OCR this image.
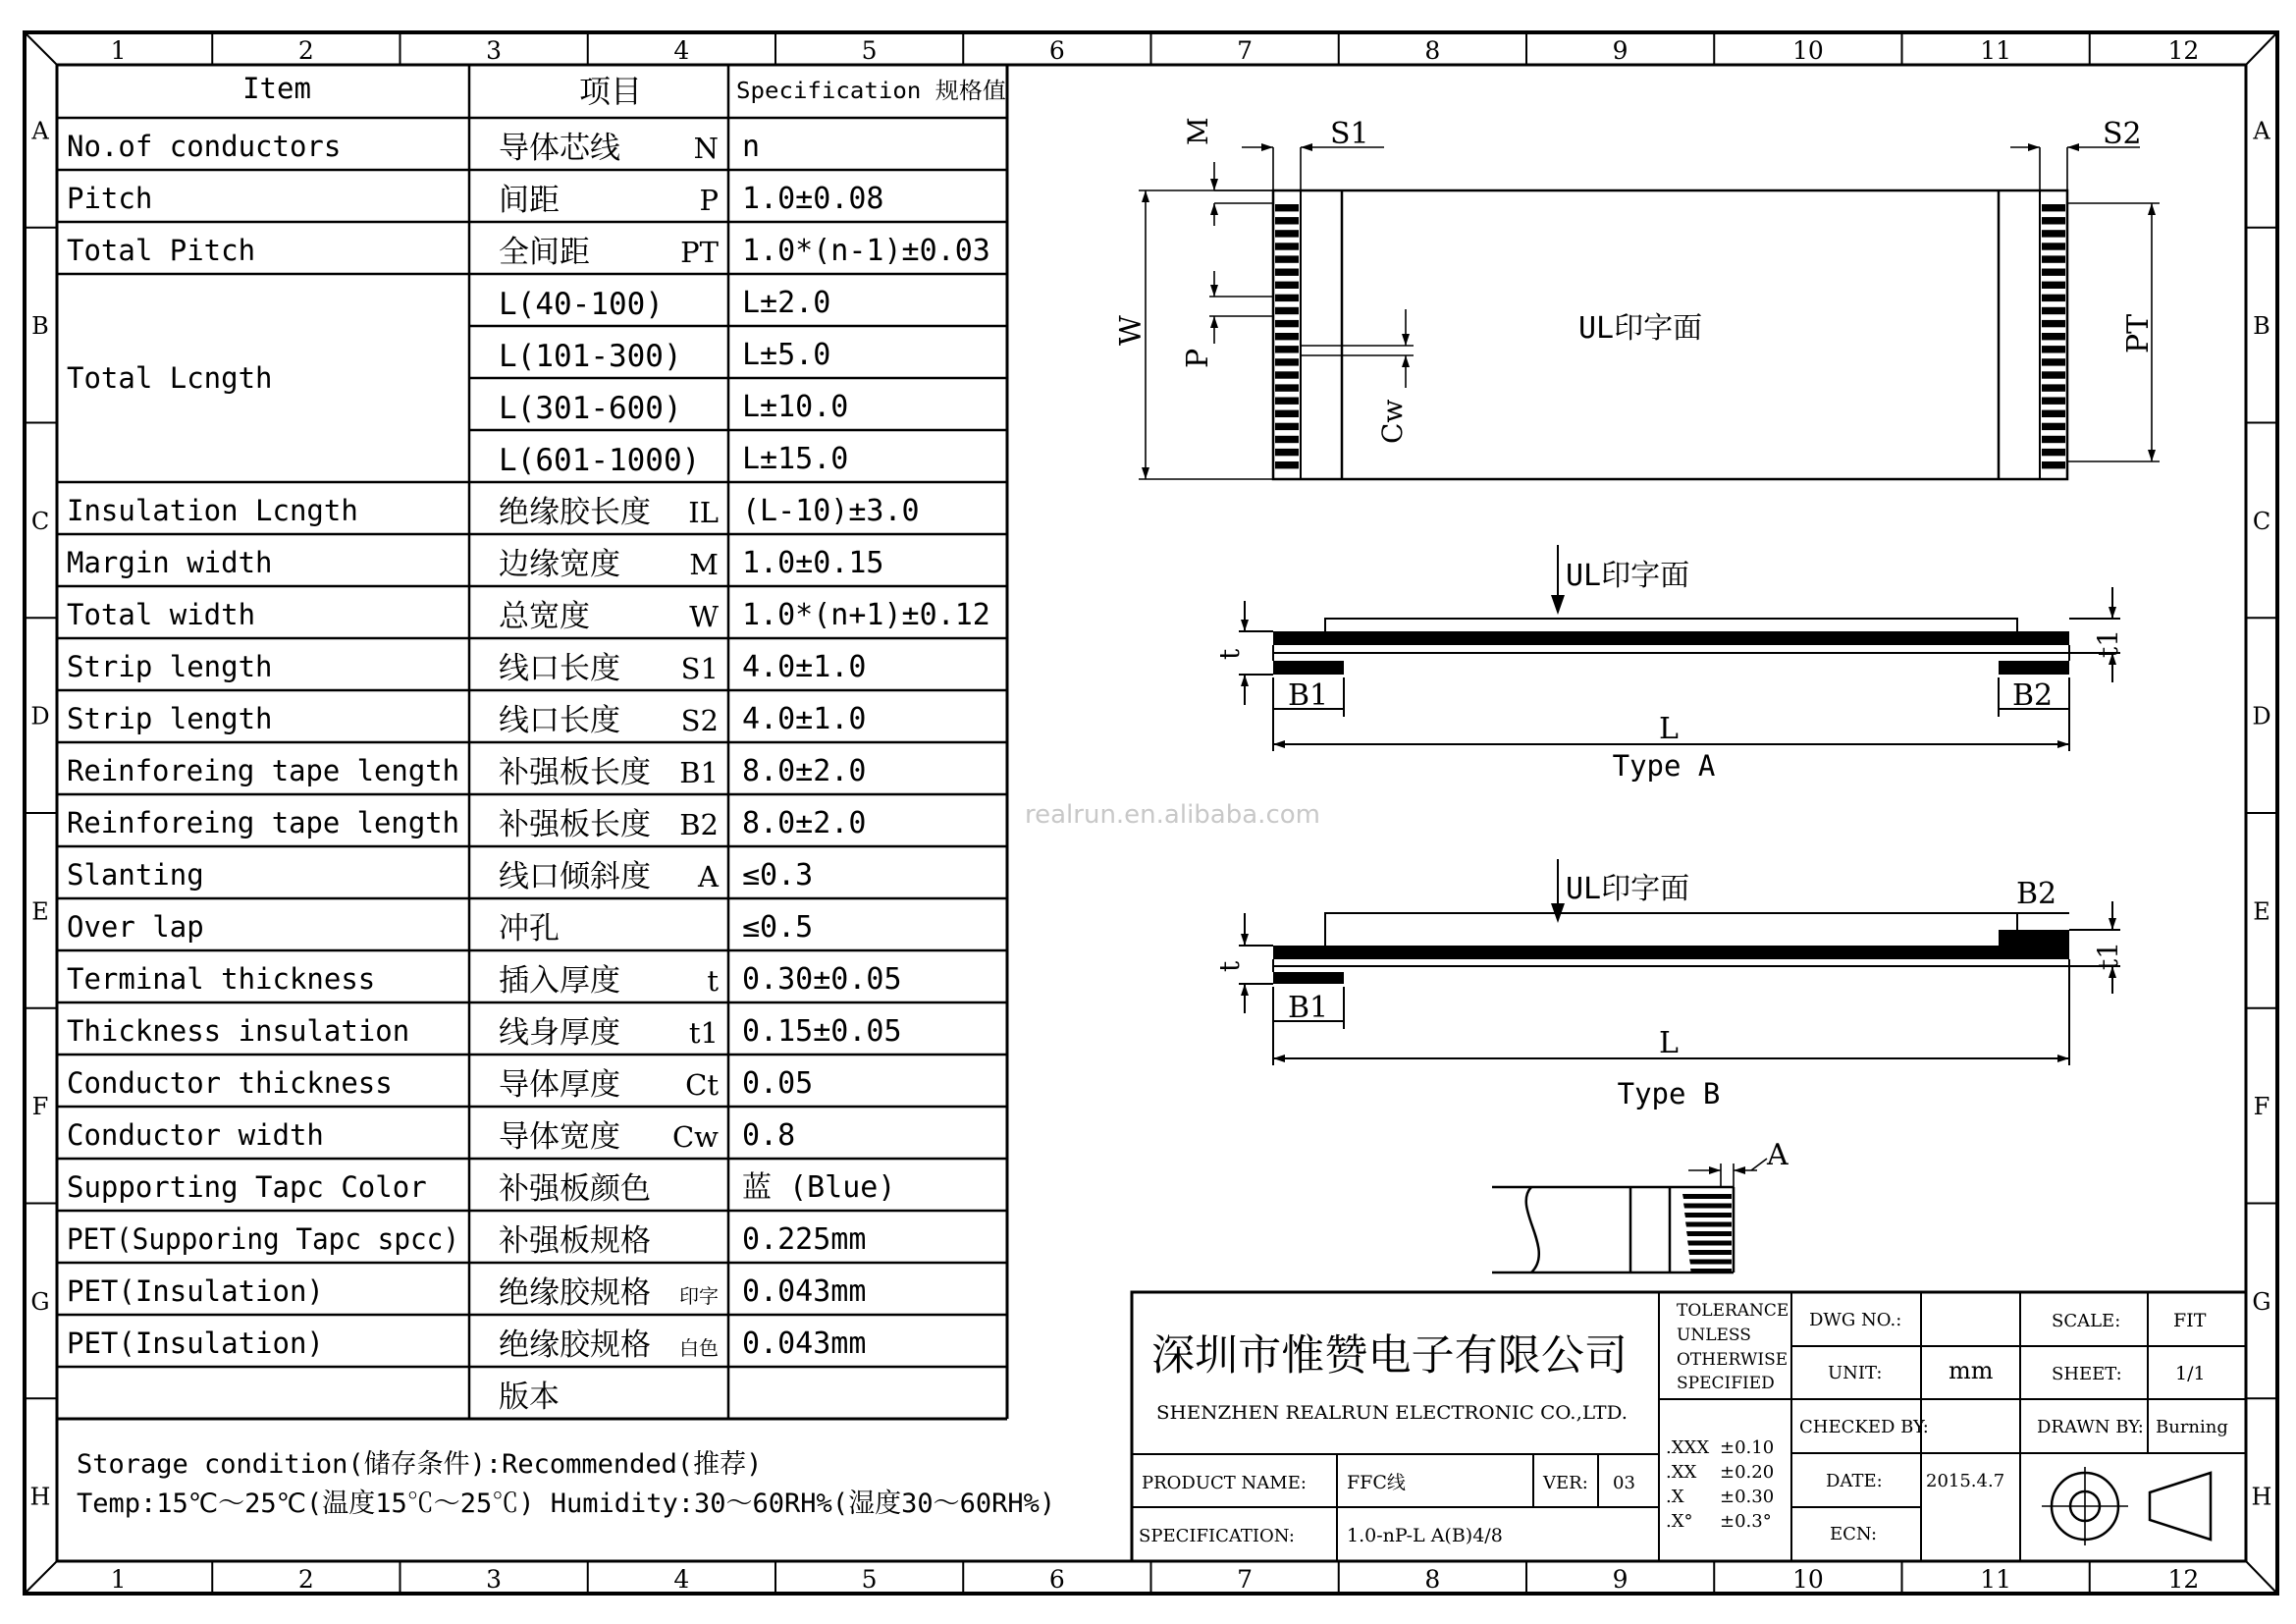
1
1
2
2
3
3
4
4
5
5
6
6
7
7
8
8
9
9
10
10
11
11
12
12
A	A
B	B
C	C
D	D
E	E
F	F
G	G
H	H
Item	项目	Specification 规格值
No.of conductors	导体芯线	N n
Pitch	间距	P 1.0±0.08
Total Pitch	全间距	PT 1.0*(n-1)±0.03
Total Lcngth
L(40-100)	L±2.0
L(101-300) L±5.0
L(301-600) L±10.0
L(601-1000) L±15.0
Insulation Lcngth	绝缘胶长度 IL (L-10)±3.0
Margin width	边缘宽度 M 1.0±0.15
Total width	总宽度	W 1.0*(n+1)±0.12
Strip length	线口长度 S1 4.0±1.0
Strip length	线口长度 S2 4.0±1.0
Reinforeing tape length 补强板长度 B1 8.0±2.0
Reinforeing tape length 补强板长度 B2 8.0±2.0
Slanting	线口倾斜度 A ≤0.3
Over lap	冲孔	≤0.5
Terminal thickness	插入厚度	t 0.30±0.05
Thickness insulation	线身厚度 t1 0.15±0.05
Conductor thickness	导体厚度 Ct 0.05
Conductor width	导体宽度 Cw 0.8
Supporting Tapc Color 补强板颜色	蓝 (Blue)
PET(Supporing Tapc spcc) 补强板规格	0.225mm
PET(Insulation)	绝缘胶规格 印字 0.043mm
PET(Insulation)	绝缘胶规格 白色 0.043mm
版本
Storage condition(储存条件):Recommended(推荐)
Temp:15℃～25℃(温度15℃～25℃) Humidity:30～60RH%(湿度30～60RH%)
realrun.en.alibaba.com
M	S1	S2
W
P
Cw
PT
UL印字面
UL印字面
t	t1
B1	B2
L
Type A
UL印字面
t	t1
B1
B2
L
Type B
A
深圳市惟赞电子有限公司
SHENZHEN REALRUN ELECTRONIC CO.,LTD.
TOLERANCE
UNLESS
OTHERWISE
SPECIFIED
.XXX ±0.10
.XX ±0.20
.X ±0.30
.X° ±0.3°
DWG NO.:
UNIT:	mm
CHECKED BY:
DATE: 2015.4.7
ECN:
SCALE:	FIT
SHEET:	1/1
DRAWN BY: Burning
PRODUCT NAME: FFC线	VER: 03
SPECIFICATION:	1.0-nP-L A(B)4/8
